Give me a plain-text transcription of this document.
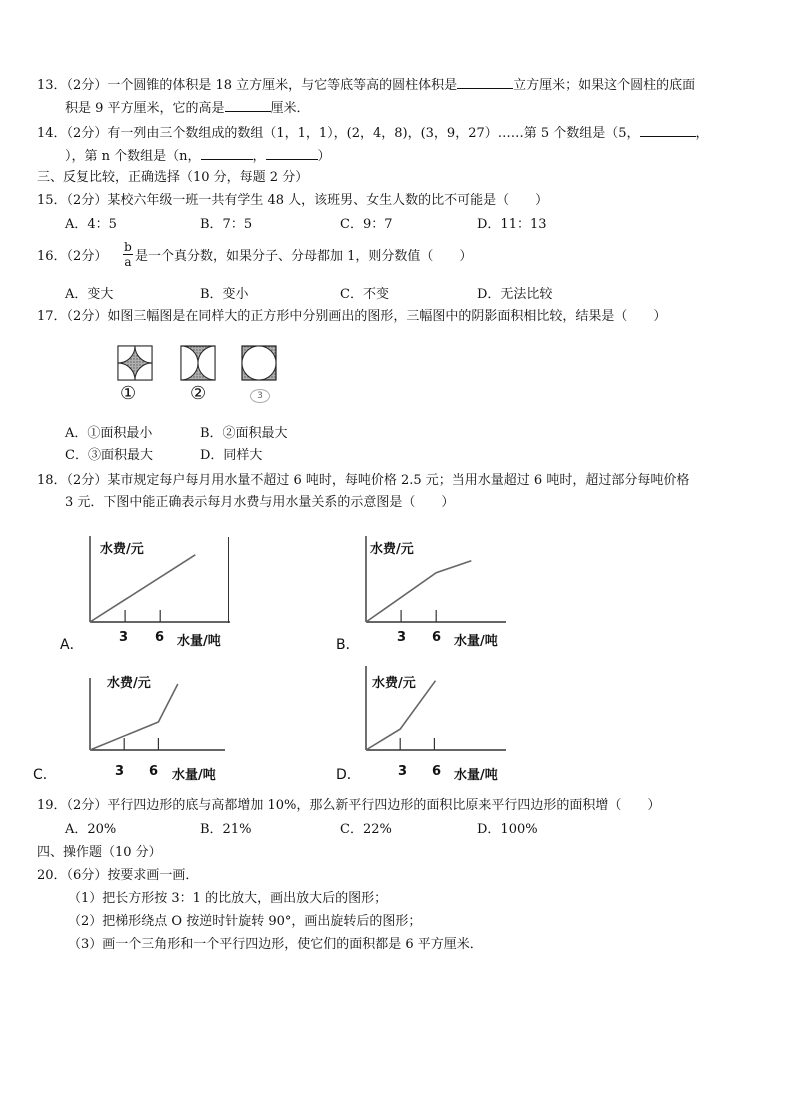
13．（2分）一个圆锥的体积是 18 立方厘米，与它等底等高的圆柱体积是	立方厘米；如果这个圆柱的底面
积是 9 平方厘米，它的高是	厘米．
14．（2分）有一列由三个数组成的数组（1，1，1），(2，4，8)，(3，9，27）……第 5 个数组是（5，	，
），第 n 个数组是（n，	，	）
三、反复比较，正确选择（10 分，每题 2 分）
15．（2分）某校六年级一班一共有学生 48 人，该班男、女生人数的比不可能是（　　）
A．4：5	B．7：5	C．9：7	D．11：13
16．（2分）
b
a 是一个真分数，如果分子、分母都加 1，则分数值（　　）
A．变大	B．变小	C．不变	D．无法比较
17．（2分）如图三幅图是在同样大的正方形中分别画出的图形，三幅图中的阴影面积相比较，结果是（　　）
①	②	3
A．①面积最小	B．②面积最大
C．③面积最大	D．同样大
18．（2分）某市规定每户每月用水量不超过 6 吨时，每吨价格 2.5 元；当用水量超过 6 吨时，超过部分每吨价格
3 元．下图中能正确表示每月水费与用水量关系的示意图是（　　）
水费/元
水量/吨
3 6
A．
水费/元
水量/吨
3 6
B．
水费/元
水量/吨
3 6
C．
水费/元
水量/吨
3 6
D．
19．（2分）平行四边形的底与高都增加 10%，那么新平行四边形的面积比原来平行四边形的面积增（　　）
A．20%	B．21%	C．22%	D．100%
四、操作题（10 分）
20．（6分）按要求画一画．
（1）把长方形按 3：1 的比放大，画出放大后的图形；
（2）把梯形绕点 O 按逆时针旋转 90°，画出旋转后的图形；
（3）画一个三角形和一个平行四边形，使它们的面积都是 6 平方厘米．
